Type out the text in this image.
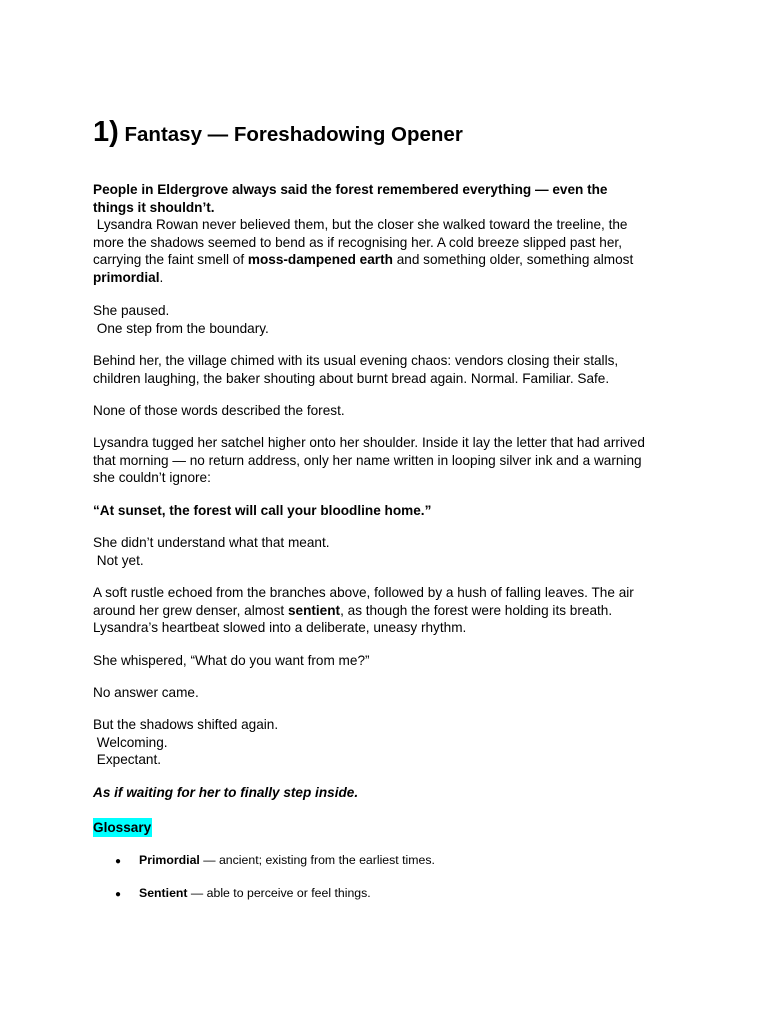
1) Fantasy — Foreshadowing Opener

People in Eldergrove always said the forest remembered everything — even the
things it shouldn’t.
Lysandra Rowan never believed them, but the closer she walked toward the treeline, the
more the shadows seemed to bend as if recognising her. A cold breeze slipped past her,
carrying the faint smell of moss-dampened earth and something older, something almost
primordial.

She paused.
One step from the boundary.

Behind her, the village chimed with its usual evening chaos: vendors closing their stalls,
children laughing, the baker shouting about burnt bread again. Normal. Familiar. Safe.

None of those words described the forest.

Lysandra tugged her satchel higher onto her shoulder. Inside it lay the letter that had arrived
that morning — no return address, only her name written in looping silver ink and a warning
she couldn’t ignore:

“At sunset, the forest will call your bloodline home.”

She didn’t understand what that meant.
Not yet.

A soft rustle echoed from the branches above, followed by a hush of falling leaves. The air
around her grew denser, almost sentient, as though the forest were holding its breath.
Lysandra’s heartbeat slowed into a deliberate, uneasy rhythm.

She whispered, “What do you want from me?”

No answer came.

But the shadows shifted again.
Welcoming.
Expectant.

As if waiting for her to finally step inside.

Glossary
● Primordial — ancient; existing from the earliest times.
● Sentient — able to perceive or feel things.
